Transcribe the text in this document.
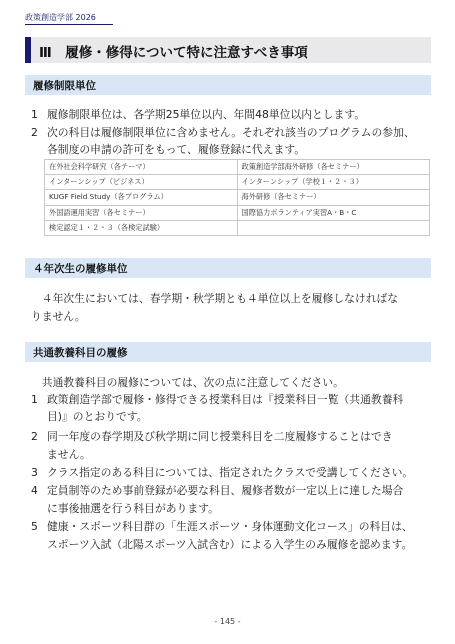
政策創造学部 2026
Ⅲ　履修・修得について特に注意すべき事項
履修制限単位
1 履修制限単位は、各学期25単位以内、年間48単位以内とします。
2 次の科目は履修制限単位に含めません。それぞれ該当のプログラムの参加、
各制度の申請の許可をもって、履修登録に代えます。
在外社会科学研究（各テーマ）	政策創造学部海外研修（各セミナー）
インターンシップ（ビジネス）	インターンシップ（学校１・２・３）
KUGF Field Study（各プログラム）	海外研修（各セミナー）
外国語運用実習（各セミナー）	国際協力ボランティア実習A・B・C
検定認定１・２・３（各検定試験）	
４年次生の履修単位
　４年次生においては、春学期・秋学期とも４単位以上を履修しなければな
りません。
共通教養科目の履修
　共通教養科目の履修については、次の点に注意してください。
1 政策創造学部で履修・修得できる授業科目は『授業科目一覧（共通教養科
目)』のとおりです。
2 同一年度の春学期及び秋学期に同じ授業科目を二度履修することはでき
ません。
3 クラス指定のある科目については、指定されたクラスで受講してください。
4 定員制等のため事前登録が必要な科目、履修者数が一定以上に達した場合
に事後抽選を行う科目があります。
5 健康・スポーツ科目群の「生涯スポーツ・身体運動文化コース」の科目は、
スポーツ入試（北陽スポーツ入試含む）による入学生のみ履修を認めます。
- 145 -
